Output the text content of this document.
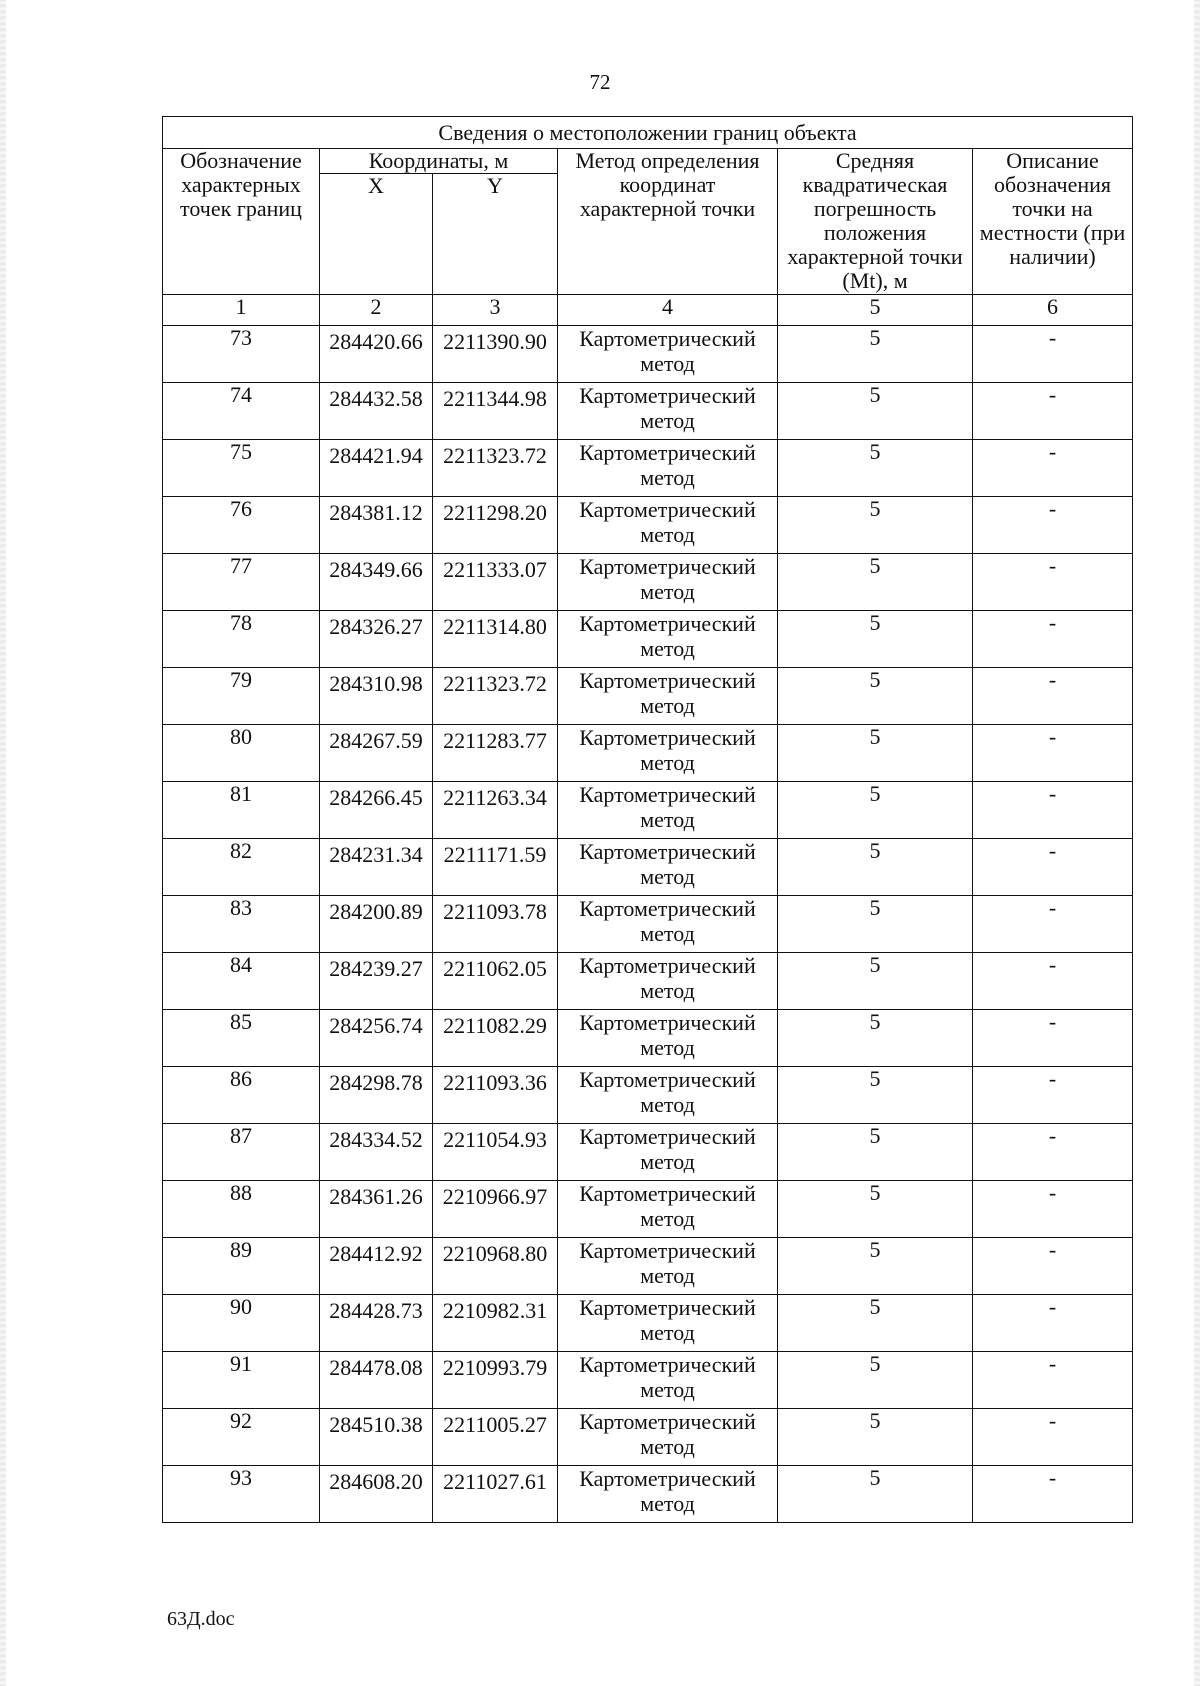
72
Сведения о местоположении границ объекта					
Обозначение характерных точек границ	Координаты, м		Метод определения координат характерной точки	Средняя квадратическая погрешность положения характерной точки (Mt), м	Описание обозначения точки на местности (при наличии)
	X	Y			
1	2	3	4	5	6
73	284420.66	2211390.90	Картометрический метод	5	-
74	284432.58	2211344.98	Картометрический метод	5	-
75	284421.94	2211323.72	Картометрический метод	5	-
76	284381.12	2211298.20	Картометрический метод	5	-
77	284349.66	2211333.07	Картометрический метод	5	-
78	284326.27	2211314.80	Картометрический метод	5	-
79	284310.98	2211323.72	Картометрический метод	5	-
80	284267.59	2211283.77	Картометрический метод	5	-
81	284266.45	2211263.34	Картометрический метод	5	-
82	284231.34	2211171.59	Картометрический метод	5	-
83	284200.89	2211093.78	Картометрический метод	5	-
84	284239.27	2211062.05	Картометрический метод	5	-
85	284256.74	2211082.29	Картометрический метод	5	-
86	284298.78	2211093.36	Картометрический метод	5	-
87	284334.52	2211054.93	Картометрический метод	5	-
88	284361.26	2210966.97	Картометрический метод	5	-
89	284412.92	2210968.80	Картометрический метод	5	-
90	284428.73	2210982.31	Картометрический метод	5	-
91	284478.08	2210993.79	Картометрический метод	5	-
92	284510.38	2211005.27	Картометрический метод	5	-
93	284608.20	2211027.61	Картометрический метод	5	-
63Д.doc
